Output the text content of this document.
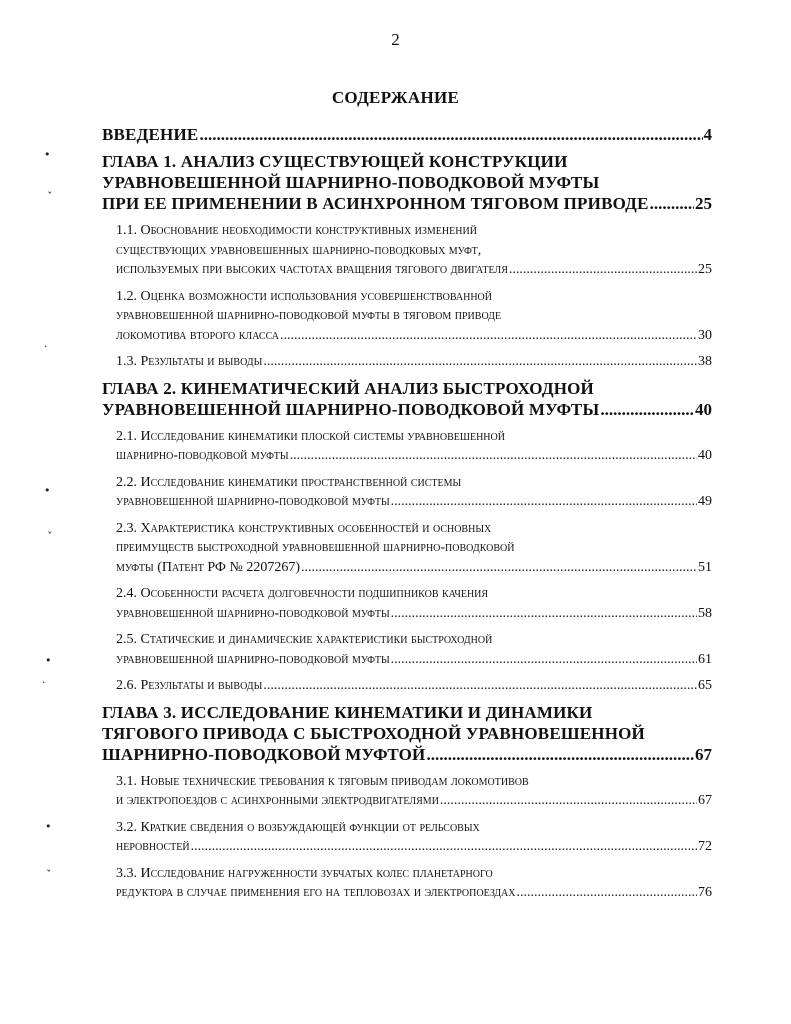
2
СОДЕРЖАНИЕ
ВВЕДЕНИЕ .....	4
ГЛАВА 1. АНАЛИЗ СУЩЕСТВУЮЩЕЙ КОНСТРУКЦИИ
УРАВНОВЕШЕННОЙ ШАРНИРНО-ПОВОДКОВОЙ МУФТЫ
ПРИ ЕЕ ПРИМЕНЕНИИ В АСИНХРОННОМ ТЯГОВОМ ПРИВОДЕ .....	25
1.1. Обоснование необходимости конструктивных изменений
существующих уравновешенных шарнирно-поводковых муфт,
используемых при высоких частотах вращения тягового двигателя .....	25
1.2. Оценка возможности использования усовершенствованной
уравновешенной шарнирно-поводковой муфты в тяговом приводе
локомотива второго класса .....	30
1.3. Результаты и выводы .....	38
ГЛАВА 2. КИНЕМАТИЧЕСКИЙ АНАЛИЗ БЫСТРОХОДНОЙ
УРАВНОВЕШЕННОЙ ШАРНИРНО-ПОВОДКОВОЙ МУФТЫ .....	40
2.1. Исследование кинематики плоской системы уравновешенной
шарнирно-поводковой муфты .....	40
2.2. Исследование кинематики пространственной системы
уравновешенной шарнирно-поводковой муфты .....	49
2.3. Характеристика конструктивных особенностей и основных
преимуществ быстроходной уравновешенной шарнирно-поводковой
муфты (Патент РФ № 2207267) .....	51
2.4. Особенности расчета долговечности подшипников качения
уравновешенной шарнирно-поводковой муфты .....	58
2.5. Статические и динамические характеристики быстроходной
уравновешенной шарнирно-поводковой муфты .....	61
2.6. Результаты и выводы .....	65
ГЛАВА 3. ИССЛЕДОВАНИЕ КИНЕМАТИКИ И ДИНАМИКИ
ТЯГОВОГО ПРИВОДА С БЫСТРОХОДНОЙ УРАВНОВЕШЕННОЙ
ШАРНИРНО-ПОВОДКОВОЙ МУФТОЙ .....	67
3.1. Новые технические требования к тяговым приводам локомотивов
и электропоездов с асинхронными электродвигателями .....	67
3.2. Краткие сведения о возбуждающей функции от рельсовых
неровностей .....	72
3.3. Исследование нагруженности зубчатых колес планетарного
редуктора в случае применения его на тепловозах и электропоездах .....	76
•
ˇ
·
•
ˇ
•
·
•
ˇ
